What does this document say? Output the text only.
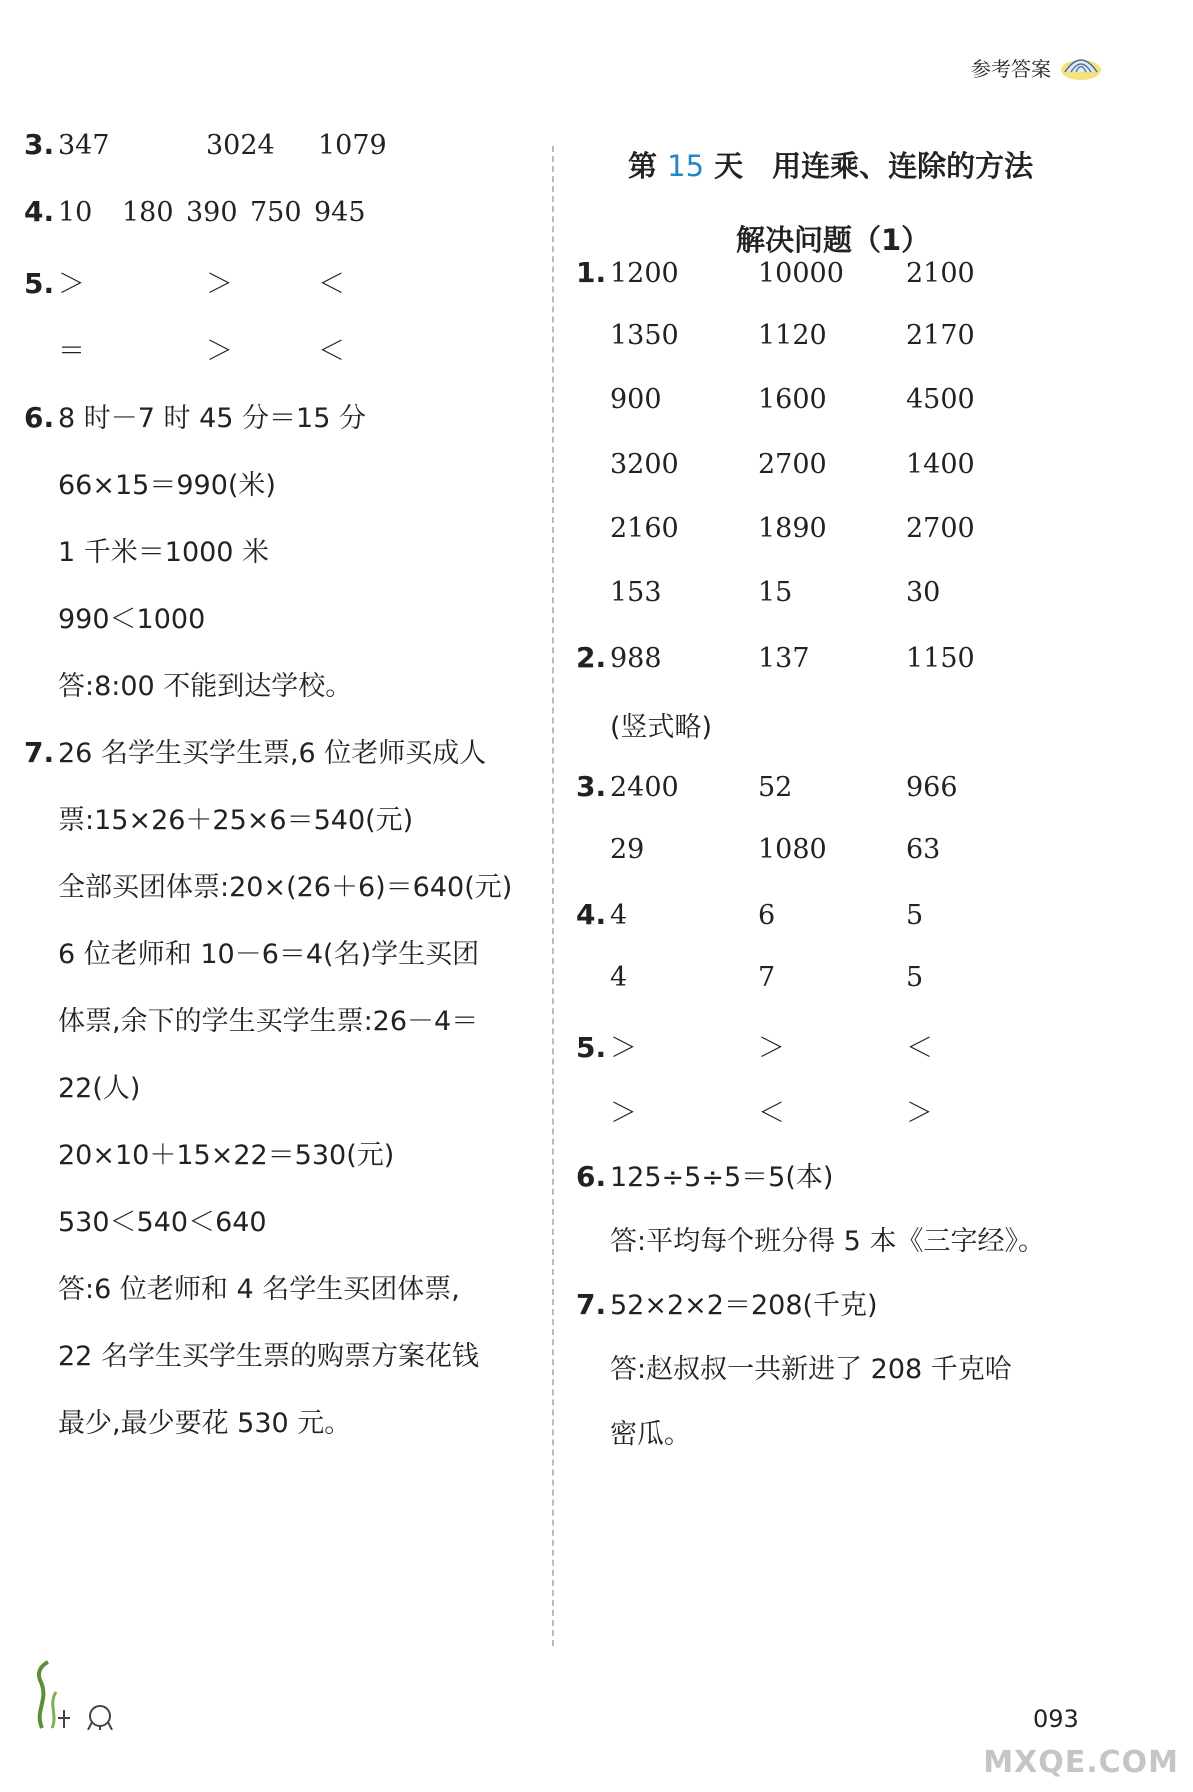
参考答案
3. 347	3024	1079
4. 10	180 390 750 945
5. ＞	＞	＜
＝	＞	＜
6. 8 时－7 时 45 分＝15 分
66×15＝990(米)
1 千米＝1000 米
990＜1000
答:8:00 不能到达学校。
7. 26 名学生买学生票,6 位老师买成人
票:15×26＋25×6＝540(元)
全部买团体票:20×(26＋6)＝640(元)
6 位老师和 10－6＝4(名)学生买团
体票,余下的学生买学生票:26－4＝
22(人)
20×10＋15×22＝530(元)
530＜540＜640
答:6 位老师和 4 名学生买团体票,
22 名学生买学生票的购票方案花钱
最少,最少要花 530 元。
第 15 天　用连乘、连除的方法
解决问题（1）
1. 1200	10000	2100
1350	1120	2170
900	1600	4500
3200	2700	1400
2160	1890	2700
153	15	30
2. 988	137	1150
(竖式略)
3. 2400	52	966
29	1080	63
4. 4	6	5
4	7	5
5. ＞	＞	＜
＞	＜	＞
6. 125÷5÷5＝5(本)
答:平均每个班分得 5 本《三字经》。
7. 52×2×2＝208(千克)
答:赵叔叔一共新进了 208 千克哈
密瓜。
093
MXQE.COM
